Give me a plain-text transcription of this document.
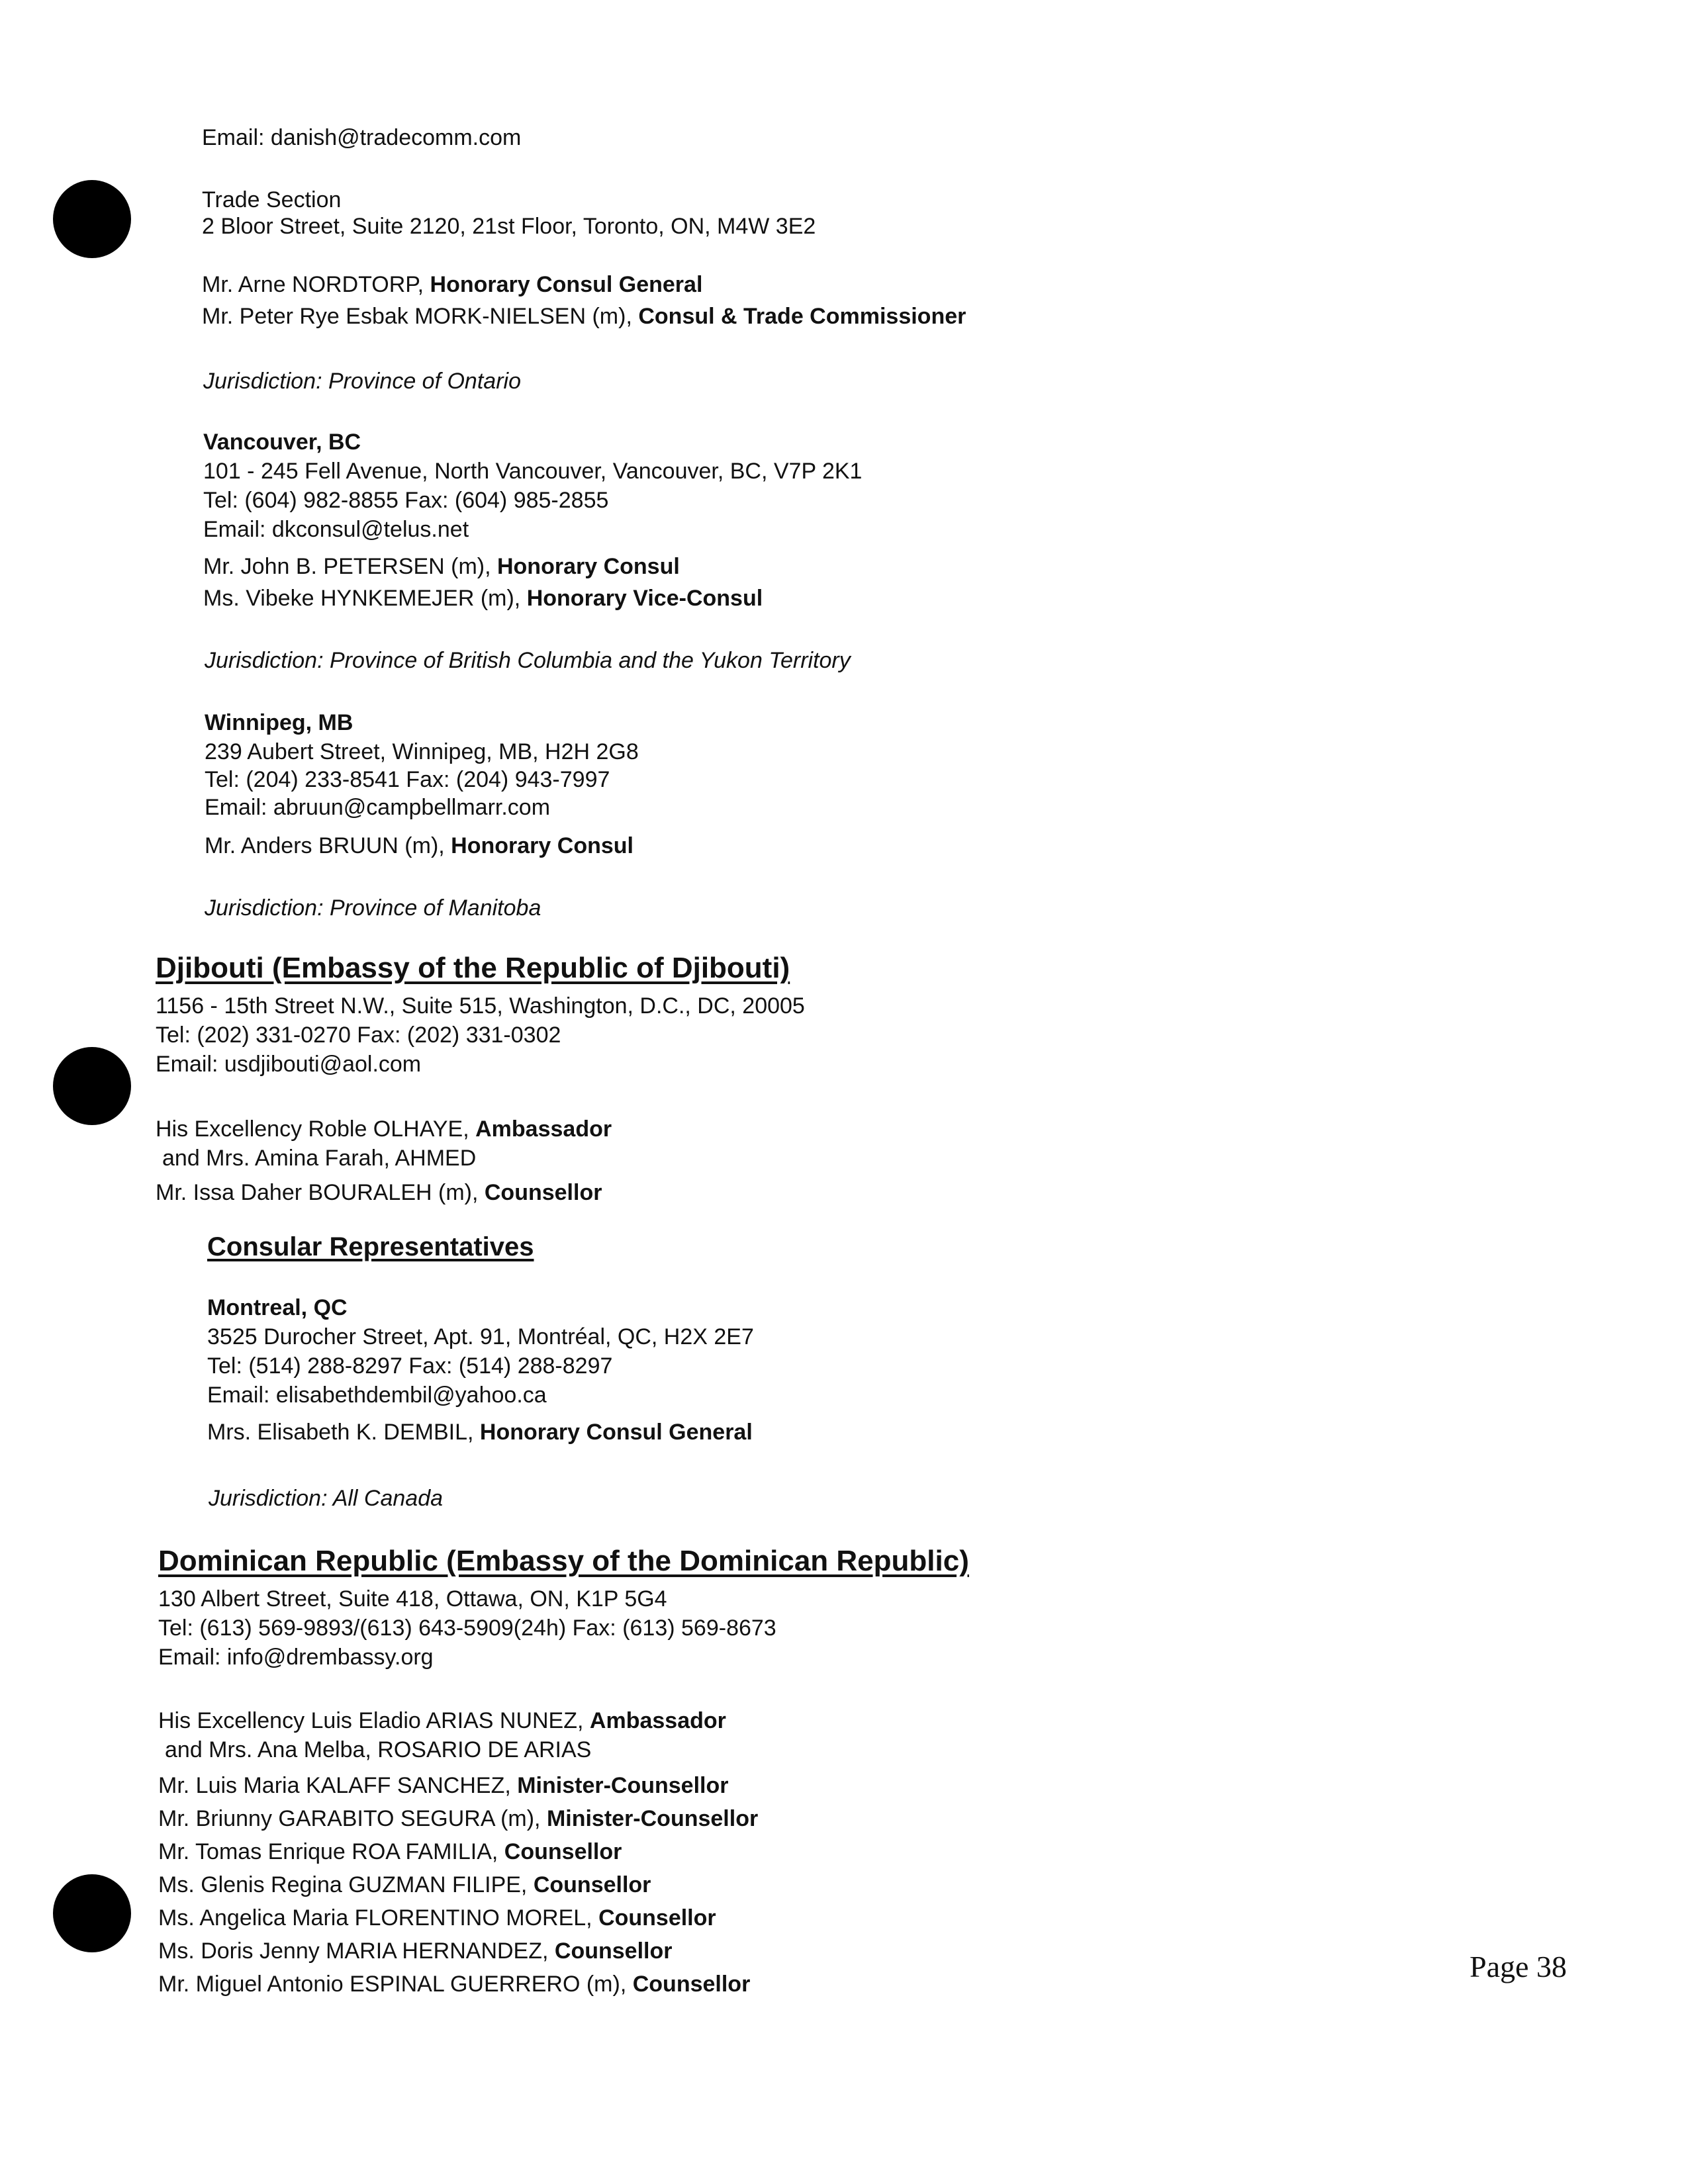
Email: danish@tradecomm.com
Trade Section
2 Bloor Street, Suite 2120, 21st Floor, Toronto, ON, M4W 3E2
Mr. Arne NORDTORP, Honorary Consul General
Mr. Peter Rye Esbak MORK-NIELSEN (m), Consul & Trade Commissioner
Jurisdiction: Province of Ontario
Vancouver, BC
101 - 245 Fell Avenue, North Vancouver, Vancouver, BC, V7P 2K1
Tel: (604) 982-8855 Fax: (604) 985-2855
Email: dkconsul@telus.net
Mr. John B. PETERSEN (m), Honorary Consul
Ms. Vibeke HYNKEMEJER (m), Honorary Vice-Consul
Jurisdiction: Province of British Columbia and the Yukon Territory
Winnipeg, MB
239 Aubert Street, Winnipeg, MB, H2H 2G8
Tel: (204) 233-8541 Fax: (204) 943-7997
Email: abruun@campbellmarr.com
Mr. Anders BRUUN (m), Honorary Consul
Jurisdiction: Province of Manitoba
Djibouti (Embassy of the Republic of Djibouti)
1156 - 15th Street N.W., Suite 515, Washington, D.C., DC, 20005
Tel: (202) 331-0270 Fax: (202) 331-0302
Email: usdjibouti@aol.com
His Excellency Roble OLHAYE, Ambassador
and Mrs. Amina Farah, AHMED
Mr. Issa Daher BOURALEH (m), Counsellor
Consular Representatives
Montreal, QC
3525 Durocher Street, Apt. 91, Montréal, QC, H2X 2E7
Tel: (514) 288-8297 Fax: (514) 288-8297
Email: elisabethdembil@yahoo.ca
Mrs. Elisabeth K. DEMBIL, Honorary Consul General
Jurisdiction: All Canada
Dominican Republic (Embassy of the Dominican Republic)
130 Albert Street, Suite 418, Ottawa, ON, K1P 5G4
Tel: (613) 569-9893/(613) 643-5909(24h) Fax: (613) 569-8673
Email: info@drembassy.org
His Excellency Luis Eladio ARIAS NUNEZ, Ambassador
and Mrs. Ana Melba, ROSARIO DE ARIAS
Mr. Luis Maria KALAFF SANCHEZ, Minister-Counsellor
Mr. Briunny GARABITO SEGURA (m), Minister-Counsellor
Mr. Tomas Enrique ROA FAMILIA, Counsellor
Ms. Glenis Regina GUZMAN FILIPE, Counsellor
Ms. Angelica Maria FLORENTINO MOREL, Counsellor
Ms. Doris Jenny MARIA HERNANDEZ, Counsellor
Mr. Miguel Antonio ESPINAL GUERRERO (m), Counsellor
Page 38
